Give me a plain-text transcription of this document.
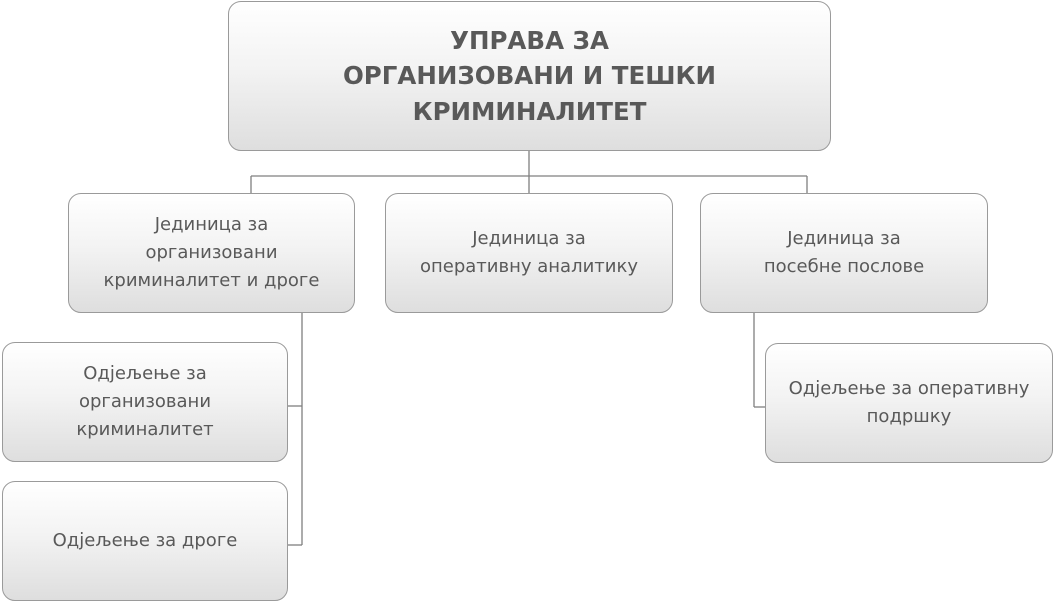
УПРАВА ЗА
ОРГАНИЗОВАНИ И ТЕШКИ
КРИМИНАЛИТЕТ
Јединица за
организовани
криминалитет и дроге
Јединица за
оперативну аналитику
Јединица за
посебне послове
Одјељење за
организовани
криминалитет
Одјељење за дроге
Одјељење за оперативну
подршку
